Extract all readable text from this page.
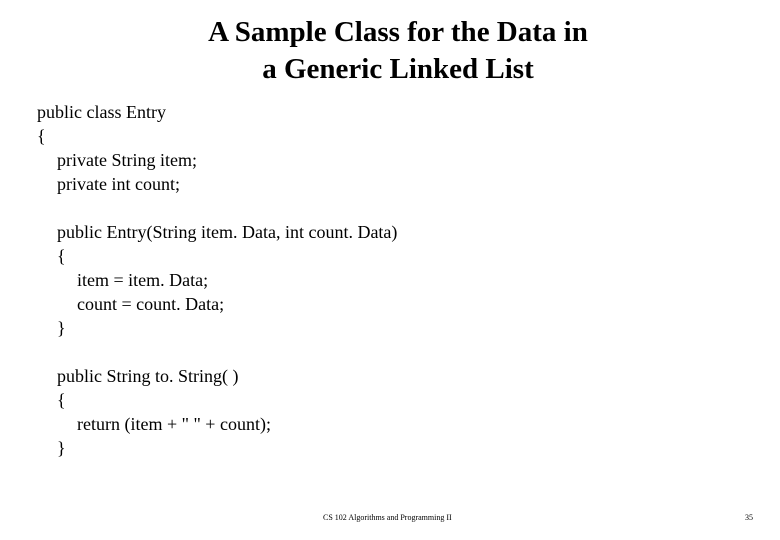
A Sample Class for the Data in
a Generic Linked List
public class Entry
{
private String item;
private int count;
public Entry(String item. Data, int count. Data)
{
item = item. Data;
count = count. Data;
}
public String to. String( )
{
return (item + " " + count);
}
CS 102 Algorithms and Programming II	35
